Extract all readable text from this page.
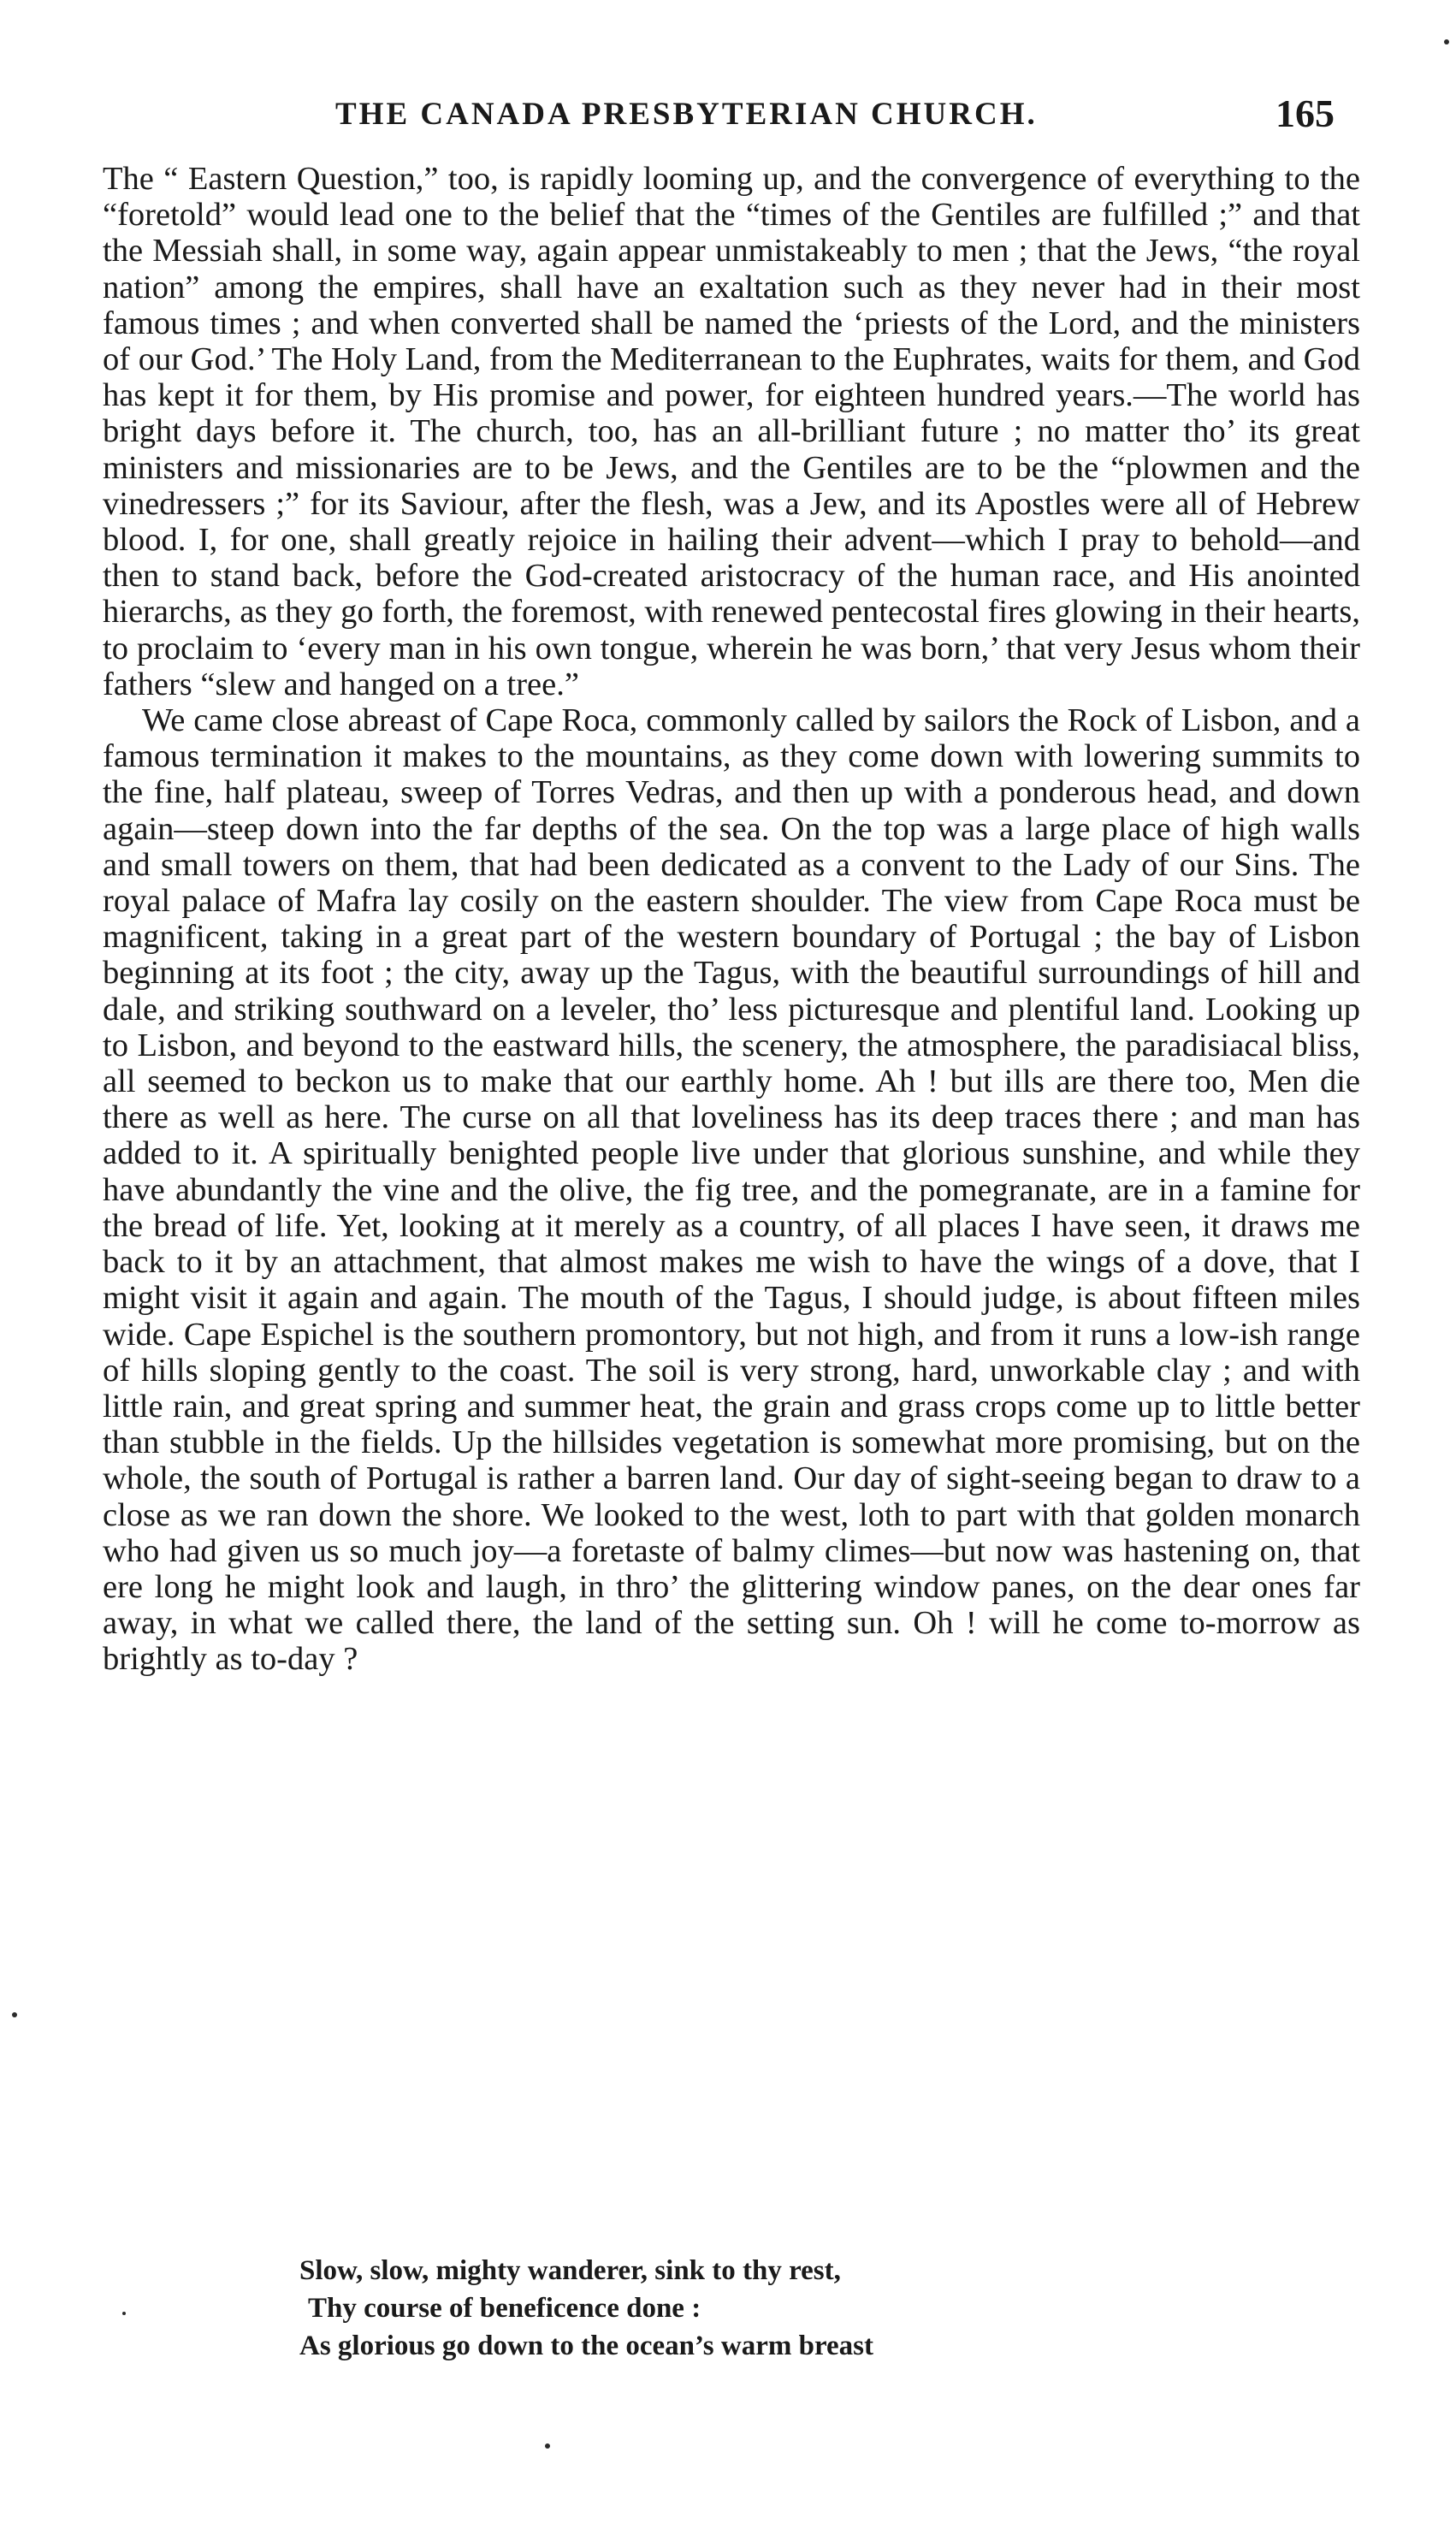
THE CANADA PRESBYTERIAN CHURCH.	165

The “ Eastern Question,” too, is rapidly looming up, and the convergence of everything to the “foretold” would lead one to the belief that the “times of the Gentiles are fulfilled ;” and that the Messiah shall, in some way, again appear unmistakeably to men ; that the Jews, “the royal nation” among the empires, shall have an exaltation such as they never had in their most famous times ; and when converted shall be named the ‘priests of the Lord, and the ministers of our God.’ The Holy Land, from the Mediterranean to the Euphrates, waits for them, and God has kept it for them, by His promise and power, for eighteen hundred years.—The world has bright days before it. The church, too, has an all-brilliant future ; no matter tho’ its great ministers and missionaries are to be Jews, and the Gentiles are to be the “plowmen and the vinedressers ;” for its Saviour, after the flesh, was a Jew, and its Apostles were all of Hebrew blood. I, for one, shall greatly rejoice in hailing their advent—which I pray to behold—and then to stand back, before the God-created aristocracy of the human race, and His anointed hierarchs, as they go forth, the foremost, with renewed pentecostal fires glowing in their hearts, to proclaim to ‘every man in his own tongue, wherein he was born,’ that very Jesus whom their fathers “slew and hanged on a tree.”

We came close abreast of Cape Roca, commonly called by sailors the Rock of Lisbon, and a famous termination it makes to the mountains, as they come down with lowering summits to the fine, half plateau, sweep of Torres Vedras, and then up with a ponderous head, and down again—steep down into the far depths of the sea. On the top was a large place of high walls and small towers on them, that had been dedicated as a convent to the Lady of our Sins. The royal palace of Mafra lay cosily on the eastern shoulder. The view from Cape Roca must be magnificent, taking in a great part of the western boundary of Portugal ; the bay of Lisbon beginning at its foot ; the city, away up the Tagus, with the beautiful surroundings of hill and dale, and striking southward on a leveler, tho’ less picturesque and plentiful land. Looking up to Lisbon, and beyond to the eastward hills, the scenery, the atmosphere, the paradisiacal bliss, all seemed to beckon us to make that our earthly home. Ah ! but ills are there too, Men die there as well as here. The curse on all that loveliness has its deep traces there ; and man has added to it. A spiritually benighted people live under that glorious sunshine, and while they have abundantly the vine and the olive, the fig tree, and the pomegranate, are in a famine for the bread of life. Yet, looking at it merely as a country, of all places I have seen, it draws me back to it by an attachment, that almost makes me wish to have the wings of a dove, that I might visit it again and again. The mouth of the Tagus, I should judge, is about fifteen miles wide. Cape Espichel is the southern promontory, but not high, and from it runs a low-ish range of hills sloping gently to the coast. The soil is very strong, hard, unworkable clay ; and with little rain, and great spring and summer heat, the grain and grass crops come up to little better than stubble in the fields. Up the hillsides vegetation is somewhat more promising, but on the whole, the south of Portugal is rather a barren land. Our day of sight-seeing began to draw to a close as we ran down the shore. We looked to the west, loth to part with that golden monarch who had given us so much joy—a foretaste of balmy climes—but now was hastening on, that ere long he might look and laugh, in thro’ the glittering window panes, on the dear ones far away, in what we called there, the land of the setting sun. Oh ! will he come to-morrow as brightly as to-day ?

Slow, slow, mighty wanderer, sink to thy rest,
Thy course of beneficence done :
As glorious go down to the ocean’s warm breast
